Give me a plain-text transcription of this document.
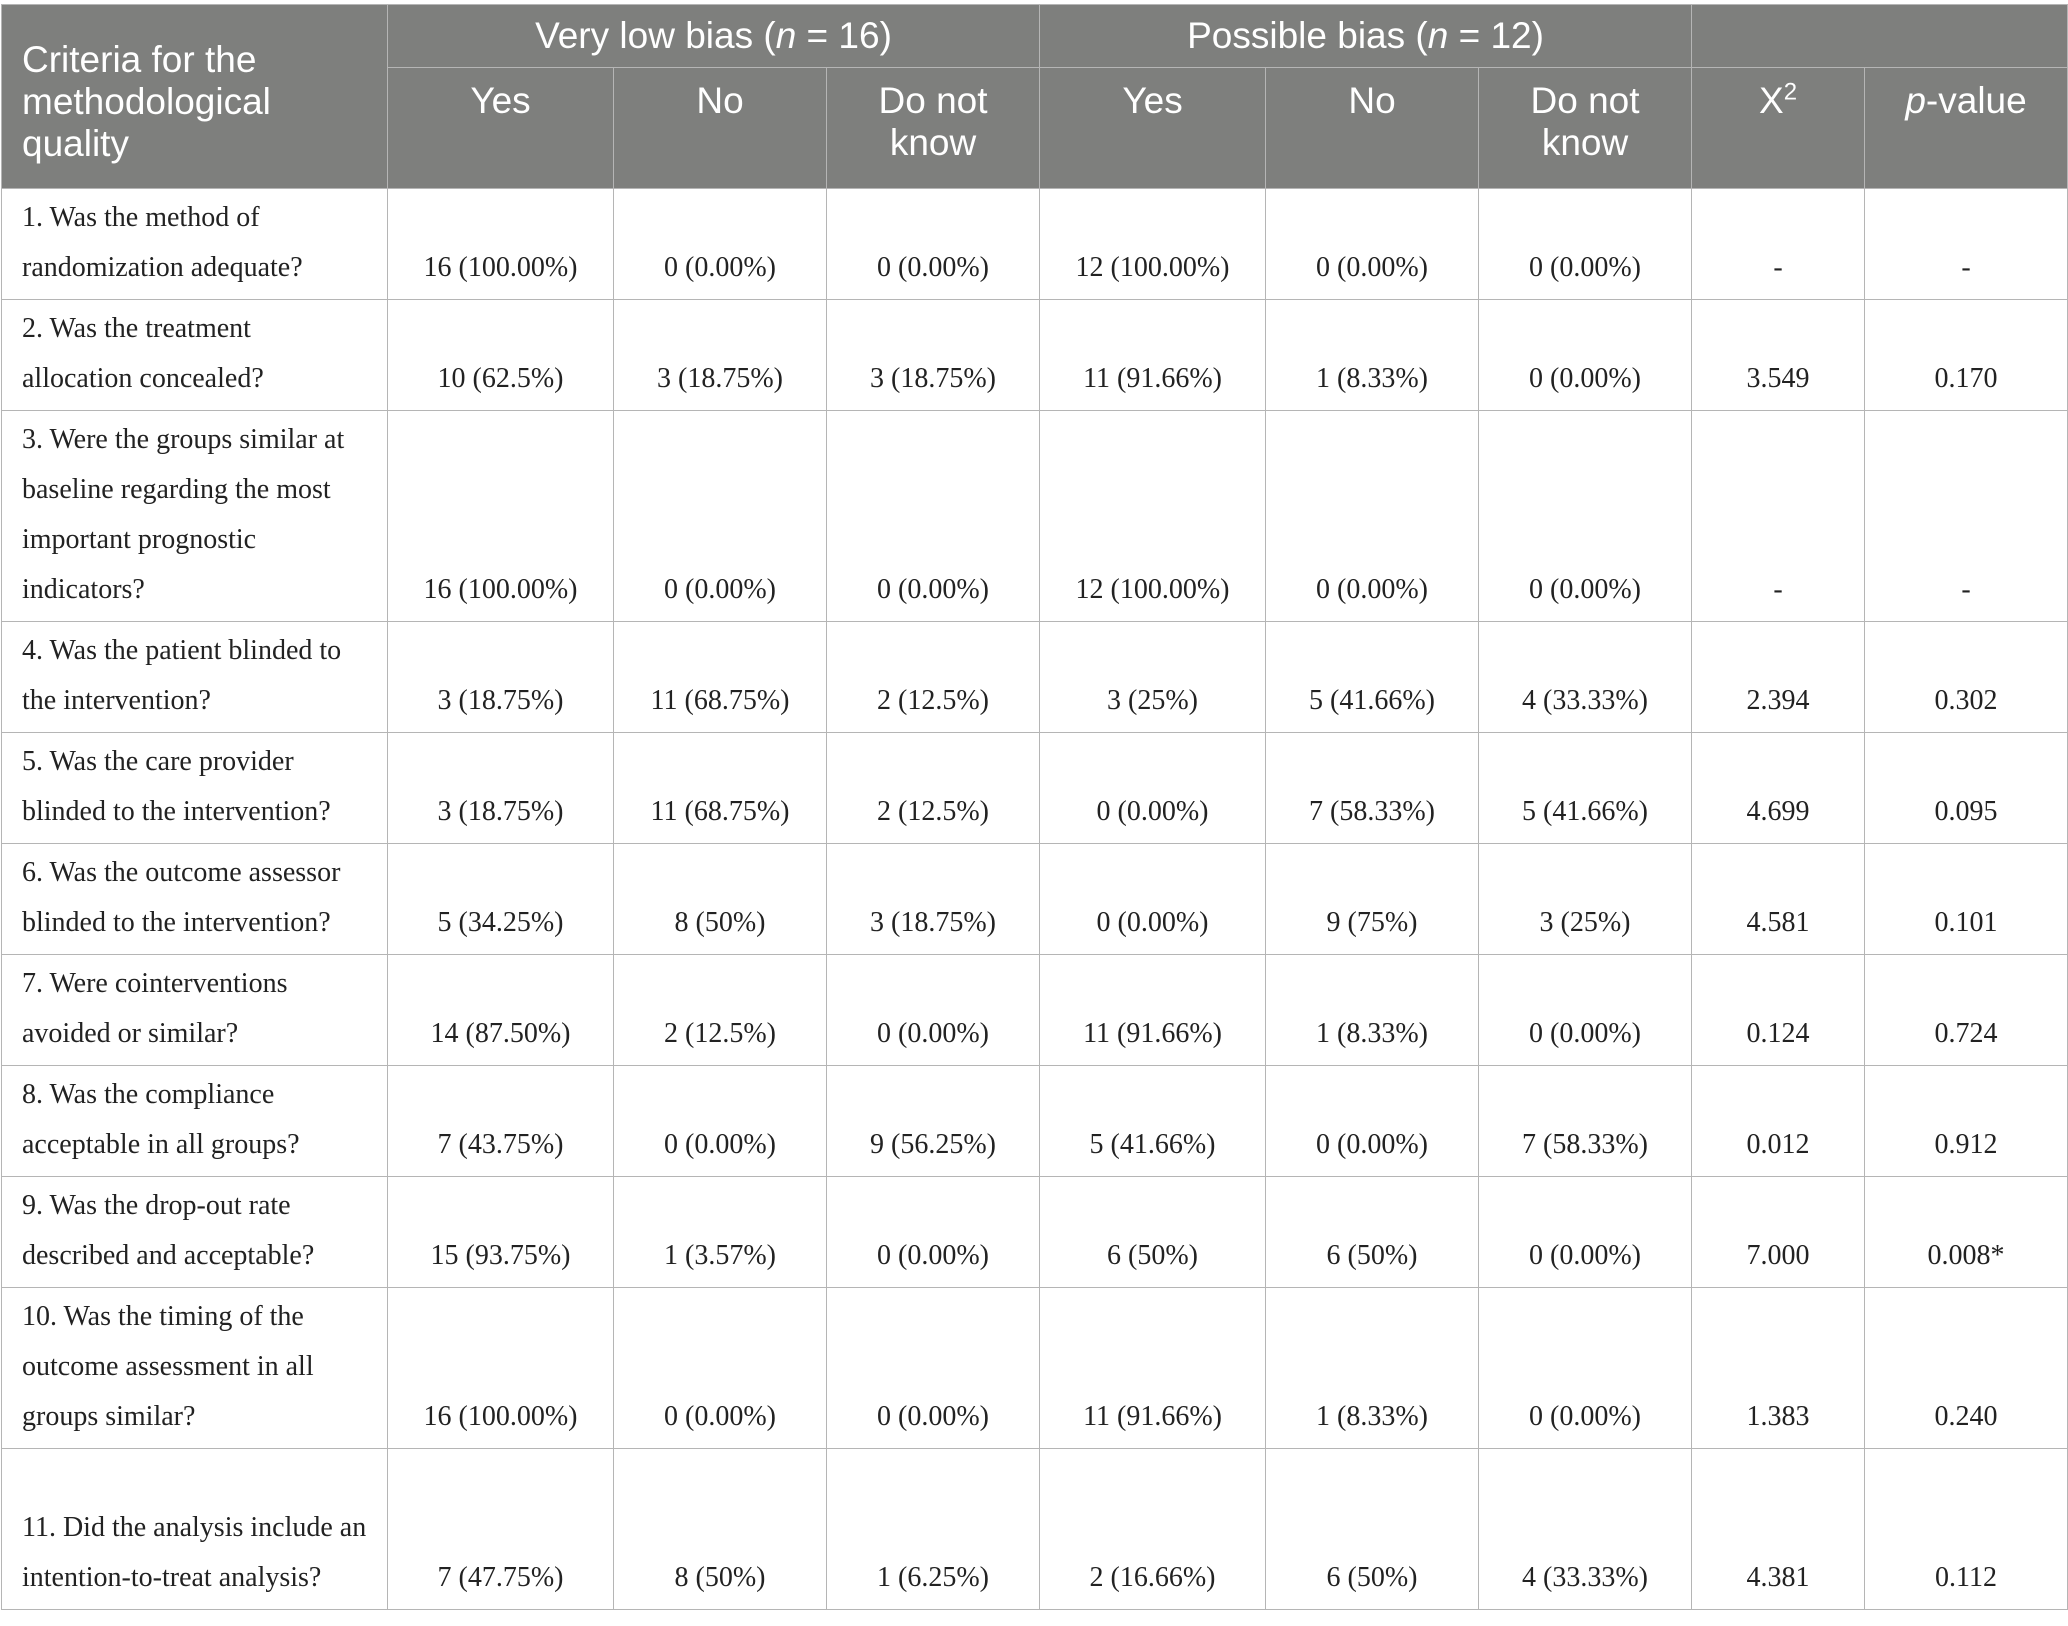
Criteria for the methodological quality	Very low bias (n = 16)			Possible bias (n = 12)				
	Yes	No	Do not know	Yes	No	Do not know	$X^2$	p-value
1. Was the method of randomization adequate?	16 (100.00%)	0 (0.00%)	0 (0.00%)	12 (100.00%)	0 (0.00%)	0 (0.00%)	-	-
2. Was the treatment allocation concealed?	10 (62.5%)	3 (18.75%)	3 (18.75%)	11 (91.66%)	1 (8.33%)	0 (0.00%)	3.549	0.170
3. Were the groups similar at baseline regarding the most important prognostic indicators?	16 (100.00%)	0 (0.00%)	0 (0.00%)	12 (100.00%)	0 (0.00%)	0 (0.00%)	-	-
4. Was the patient blinded to the intervention?	3 (18.75%)	11 (68.75%)	2 (12.5%)	3 (25%)	5 (41.66%)	4 (33.33%)	2.394	0.302
5. Was the care provider blinded to the intervention?	3 (18.75%)	11 (68.75%)	2 (12.5%)	0 (0.00%)	7 (58.33%)	5 (41.66%)	4.699	0.095
6. Was the outcome assessor blinded to the intervention?	5 (34.25%)	8 (50%)	3 (18.75%)	0 (0.00%)	9 (75%)	3 (25%)	4.581	0.101
7. Were cointerventions avoided or similar?	14 (87.50%)	2 (12.5%)	0 (0.00%)	11 (91.66%)	1 (8.33%)	0 (0.00%)	0.124	0.724
8. Was the compliance acceptable in all groups?	7 (43.75%)	0 (0.00%)	9 (56.25%)	5 (41.66%)	0 (0.00%)	7 (58.33%)	0.012	0.912
9. Was the drop-out rate described and acceptable?	15 (93.75%)	1 (3.57%)	0 (0.00%)	6 (50%)	6 (50%)	0 (0.00%)	7.000	0.008*
10. Was the timing of the outcome assessment in all groups similar?	16 (100.00%)	0 (0.00%)	0 (0.00%)	11 (91.66%)	1 (8.33%)	0 (0.00%)	1.383	0.240
11. Did the analysis include an intention-to-treat analysis?	7 (47.75%)	8 (50%)	1 (6.25%)	2 (16.66%)	6 (50%)	4 (33.33%)	4.381	0.112
